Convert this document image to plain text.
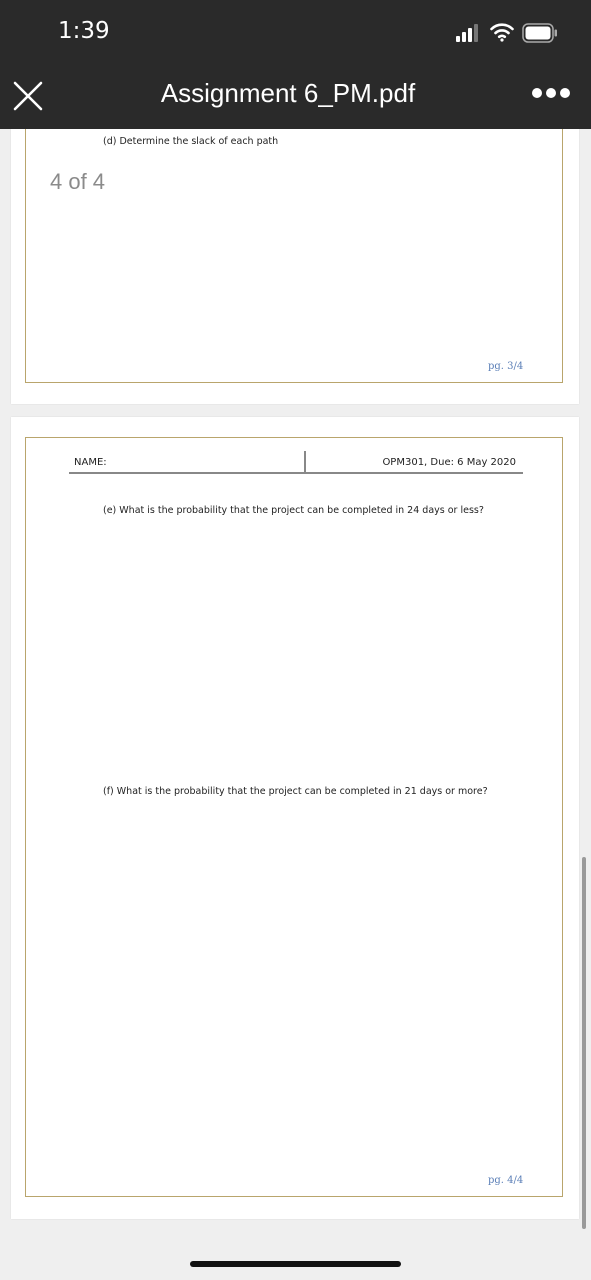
1:39
Assignment 6_PM.pdf
(d) Determine the slack of each path
pg. 3/4
4 of 4
NAME:	OPM301, Due: 6 May 2020
(e) What is the probability that the project can be completed in 24 days or less?
(f) What is the probability that the project can be completed in 21 days or more?
pg. 4/4
